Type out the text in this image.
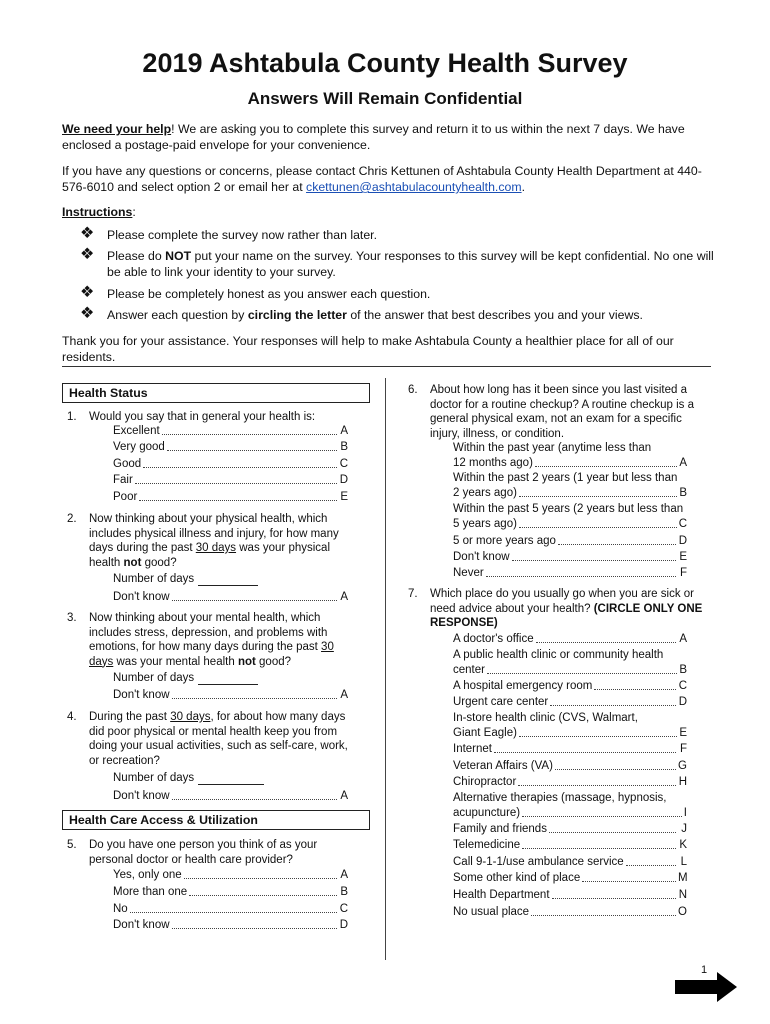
2019 Ashtabula County Health Survey
Answers Will Remain Confidential
We need your help! We are asking you to complete this survey and return it to us within the next 7 days. We have enclosed a postage-paid envelope for your convenience.
If you have any questions or concerns, please contact Chris Kettunen of Ashtabula County Health Department at 440-576-6010 and select option 2 or email her at ckettunen@ashtabulacountyhealth.com.
Instructions:
❖	Please complete the survey now rather than later.
❖	Please do NOT put your name on the survey. Your responses to this survey will be kept confidential. No one will be able to link your identity to your survey.
❖	Please be completely honest as you answer each question.
❖	Answer each question by circling the letter of the answer that best describes you and your views.
Thank you for your assistance. Your responses will help to make Ashtabula County a healthier place for all of our residents.
Health Status
1. Would you say that in general your health is:
Excellent	A
Very good	B
Good	C
Fair	D
Poor	E
2. Now thinking about your physical health, which includes physical illness and injury, for how many days during the past 30 days was your physical health not good?
Number of days
Don't know	A
3. Now thinking about your mental health, which includes stress, depression, and problems with emotions, for how many days during the past 30 days was your mental health not good?
Number of days
Don't know	A
4. During the past 30 days, for about how many days did poor physical or mental health keep you from doing your usual activities, such as self-care, work, or recreation?
Number of days
Don't know	A
Health Care Access & Utilization
5. Do you have one person you think of as your personal doctor or health care provider?
Yes, only one	A
More than one	B
No	C
Don't know	D
6. About how long has it been since you last visited a doctor for a routine checkup? A routine checkup is a general physical exam, not an exam for a specific injury, illness, or condition.
Within the past year (anytime less than
12 months ago)	A
Within the past 2 years (1 year but less than
2 years ago)	B
Within the past 5 years (2 years but less than
5 years ago)	C
5 or more years ago	D
Don't know	E
Never	F
7. Which place do you usually go when you are sick or need advice about your health? (CIRCLE ONLY ONE RESPONSE)
A doctor's office	A
A public health clinic or community health
center	B
A hospital emergency room	C
Urgent care center	D
In-store health clinic (CVS, Walmart,
Giant Eagle)	E
Internet	F
Veteran Affairs (VA)	G
Chiropractor	H
Alternative therapies (massage, hypnosis,
acupuncture)	I
Family and friends	J
Telemedicine	K
Call 9-1-1/use ambulance service	L
Some other kind of place	M
Health Department	N
No usual place	O
1
